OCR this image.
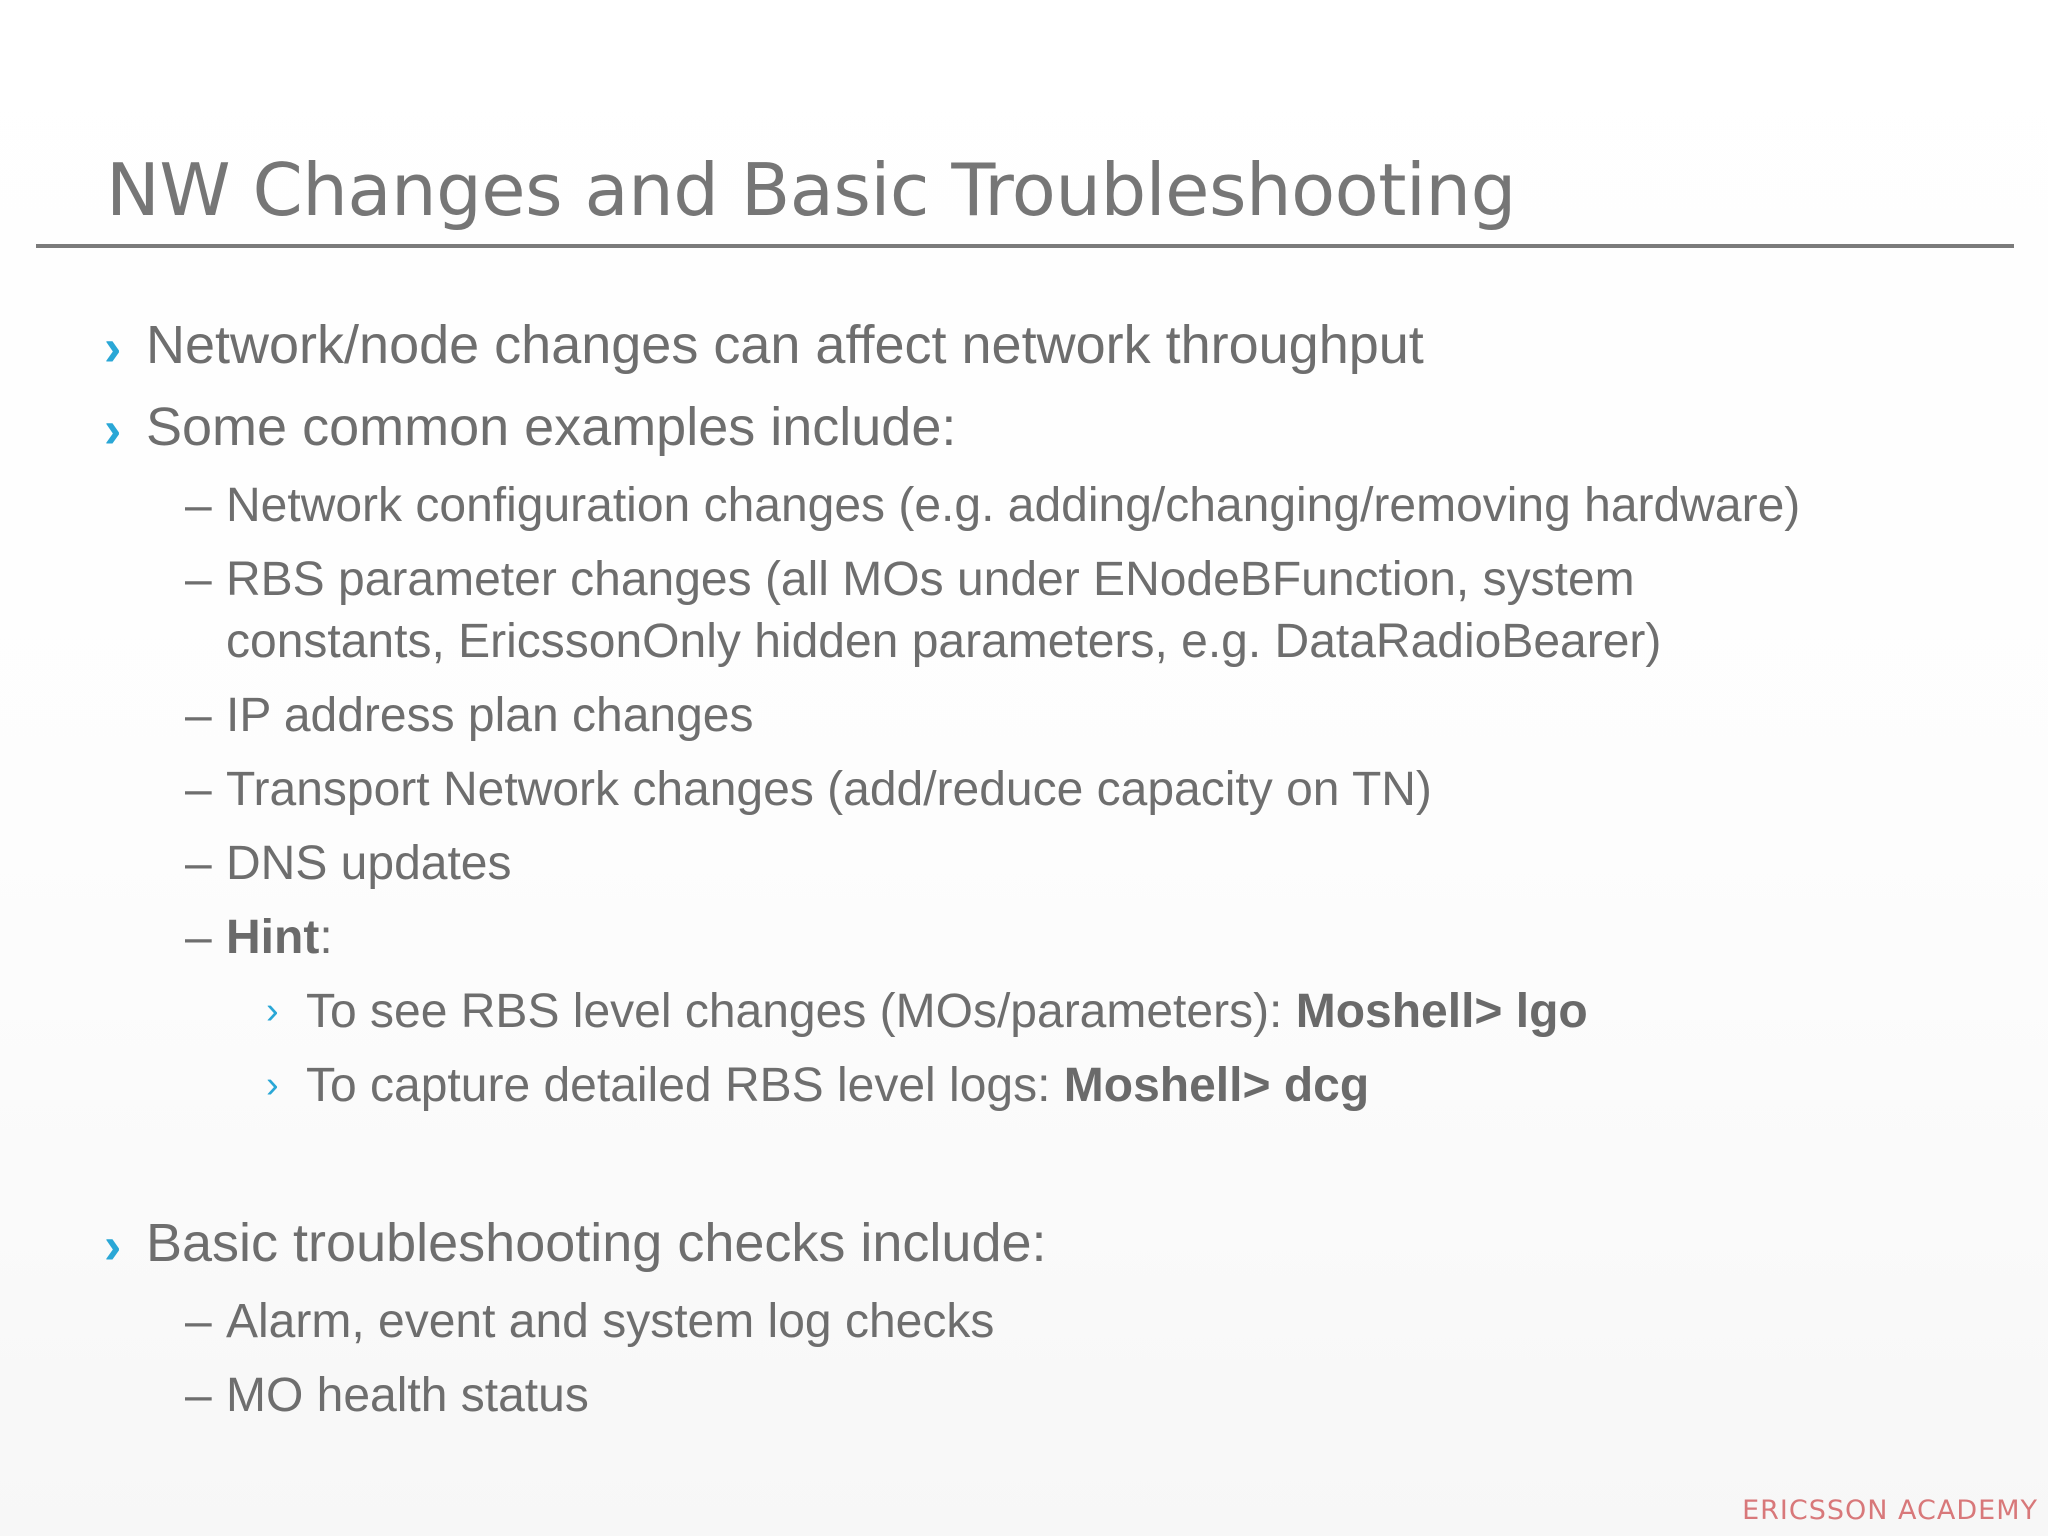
NW Changes and Basic Troubleshooting
› Network/node changes can affect network throughput
› Some common examples include:
– Network configuration changes (e.g. adding/changing/removing hardware)
– RBS parameter changes (all MOs under ENodeBFunction, system
constants, EricssonOnly hidden parameters, e.g. DataRadioBearer)
– IP address plan changes
– Transport Network changes (add/reduce capacity on TN)
– DNS updates
– Hint:
› To see RBS level changes (MOs/parameters): Moshell> lgo
› To capture detailed RBS level logs: Moshell> dcg
› Basic troubleshooting checks include:
– Alarm, event and system log checks
– MO health status
ERICSSON ACADEMY
